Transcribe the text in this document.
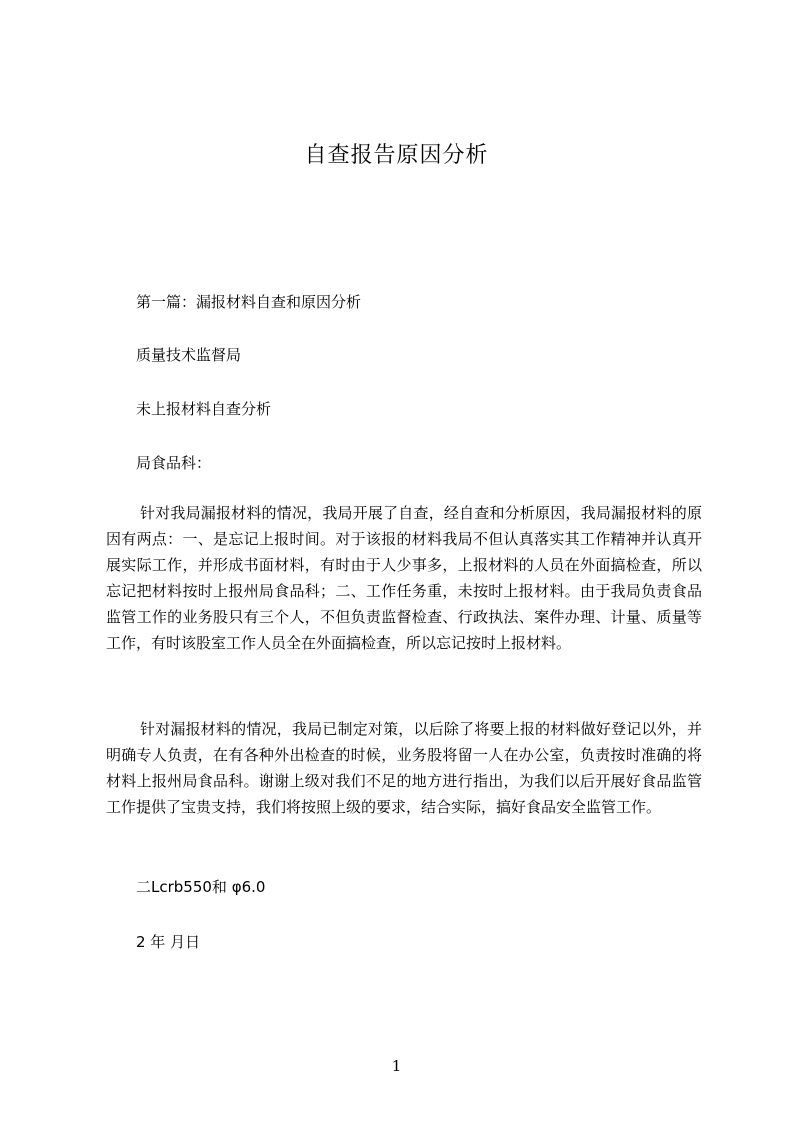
自查报告原因分析
第一篇：漏报材料自查和原因分析
质量技术监督局
未上报材料自查分析
局食品科：
针对我局漏报材料的情况，我局开展了自查，经自查和分析原因，我局漏报材料的原因有两点：一、是忘记上报时间。对于该报的材料我局不但认真落实其工作精神并认真开展实际工作，并形成书面材料，有时由于人少事多，上报材料的人员在外面搞检查，所以忘记把材料按时上报州局食品科；二、工作任务重，未按时上报材料。由于我局负责食品监管工作的业务股只有三个人，不但负责监督检查、行政执法、案件办理、计量、质量等工作，有时该股室工作人员全在外面搞检查，所以忘记按时上报材料。
针对漏报材料的情况，我局已制定对策，以后除了将要上报的材料做好登记以外，并明确专人负责，在有各种外出检查的时候，业务股将留一人在办公室，负责按时准确的将材料上报州局食品科。谢谢上级对我们不足的地方进行指出，为我们以后开展好食品监管工作提供了宝贵支持，我们将按照上级的要求，结合实际，搞好食品安全监管工作。
二Lcrb550和 φ6.0
2 年 月日
1
